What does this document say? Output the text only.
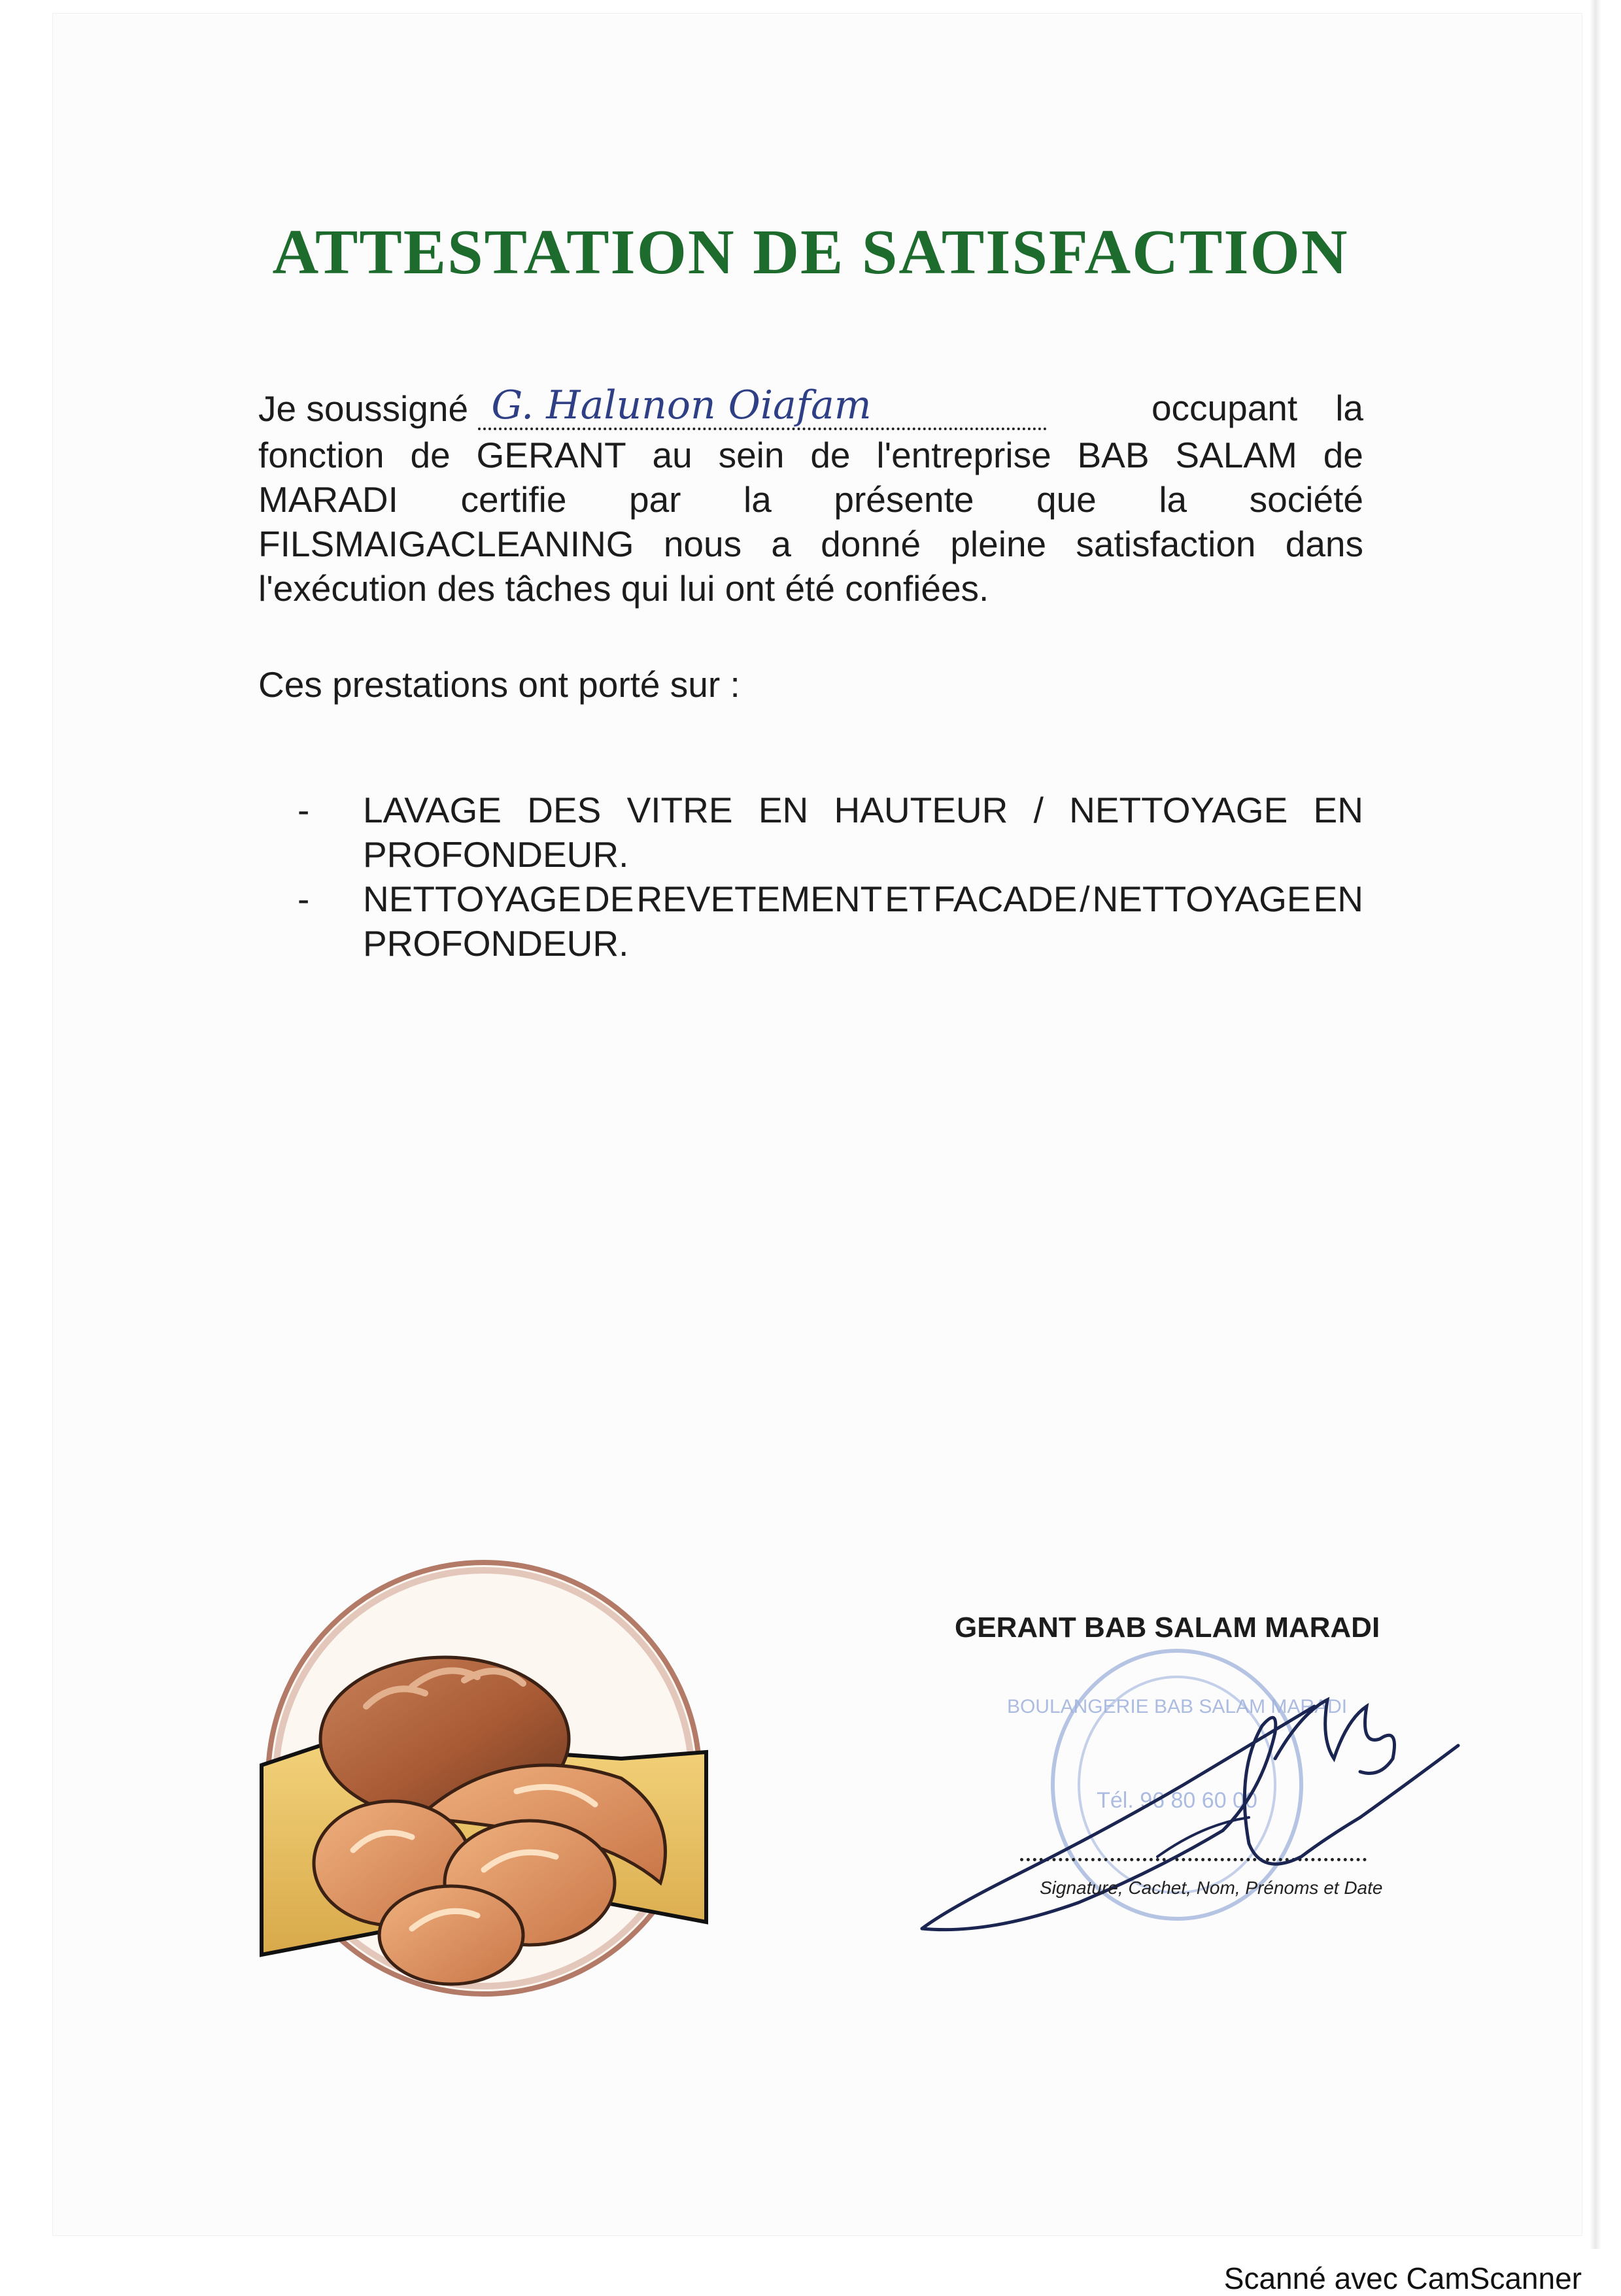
ATTESTATION DE SATISFACTION
Je soussigné G. Halunon Oiafam	occupant la
fonction de GERANT au sein de l'entreprise BAB SALAM de
MARADI certifie par la présente que la société
FILSMAIGACLEANING nous a donné pleine satisfaction dans
l'exécution des tâches qui lui ont été confiées.
Ces prestations ont porté sur :
-	LAVAGE DES VITRE EN HAUTEUR / NETTOYAGE EN
PROFONDEUR.
-	NETTOYAGE DE REVETEMENT ET FACADE / NETTOYAGE EN
PROFONDEUR.
GERANT BAB SALAM MARADI
BOULANGERIE BAB SALAM MARADI
Tél. 96 80 60 00
Signature, Cachet, Nom, Prénoms et Date
Scanné avec CamScanner
